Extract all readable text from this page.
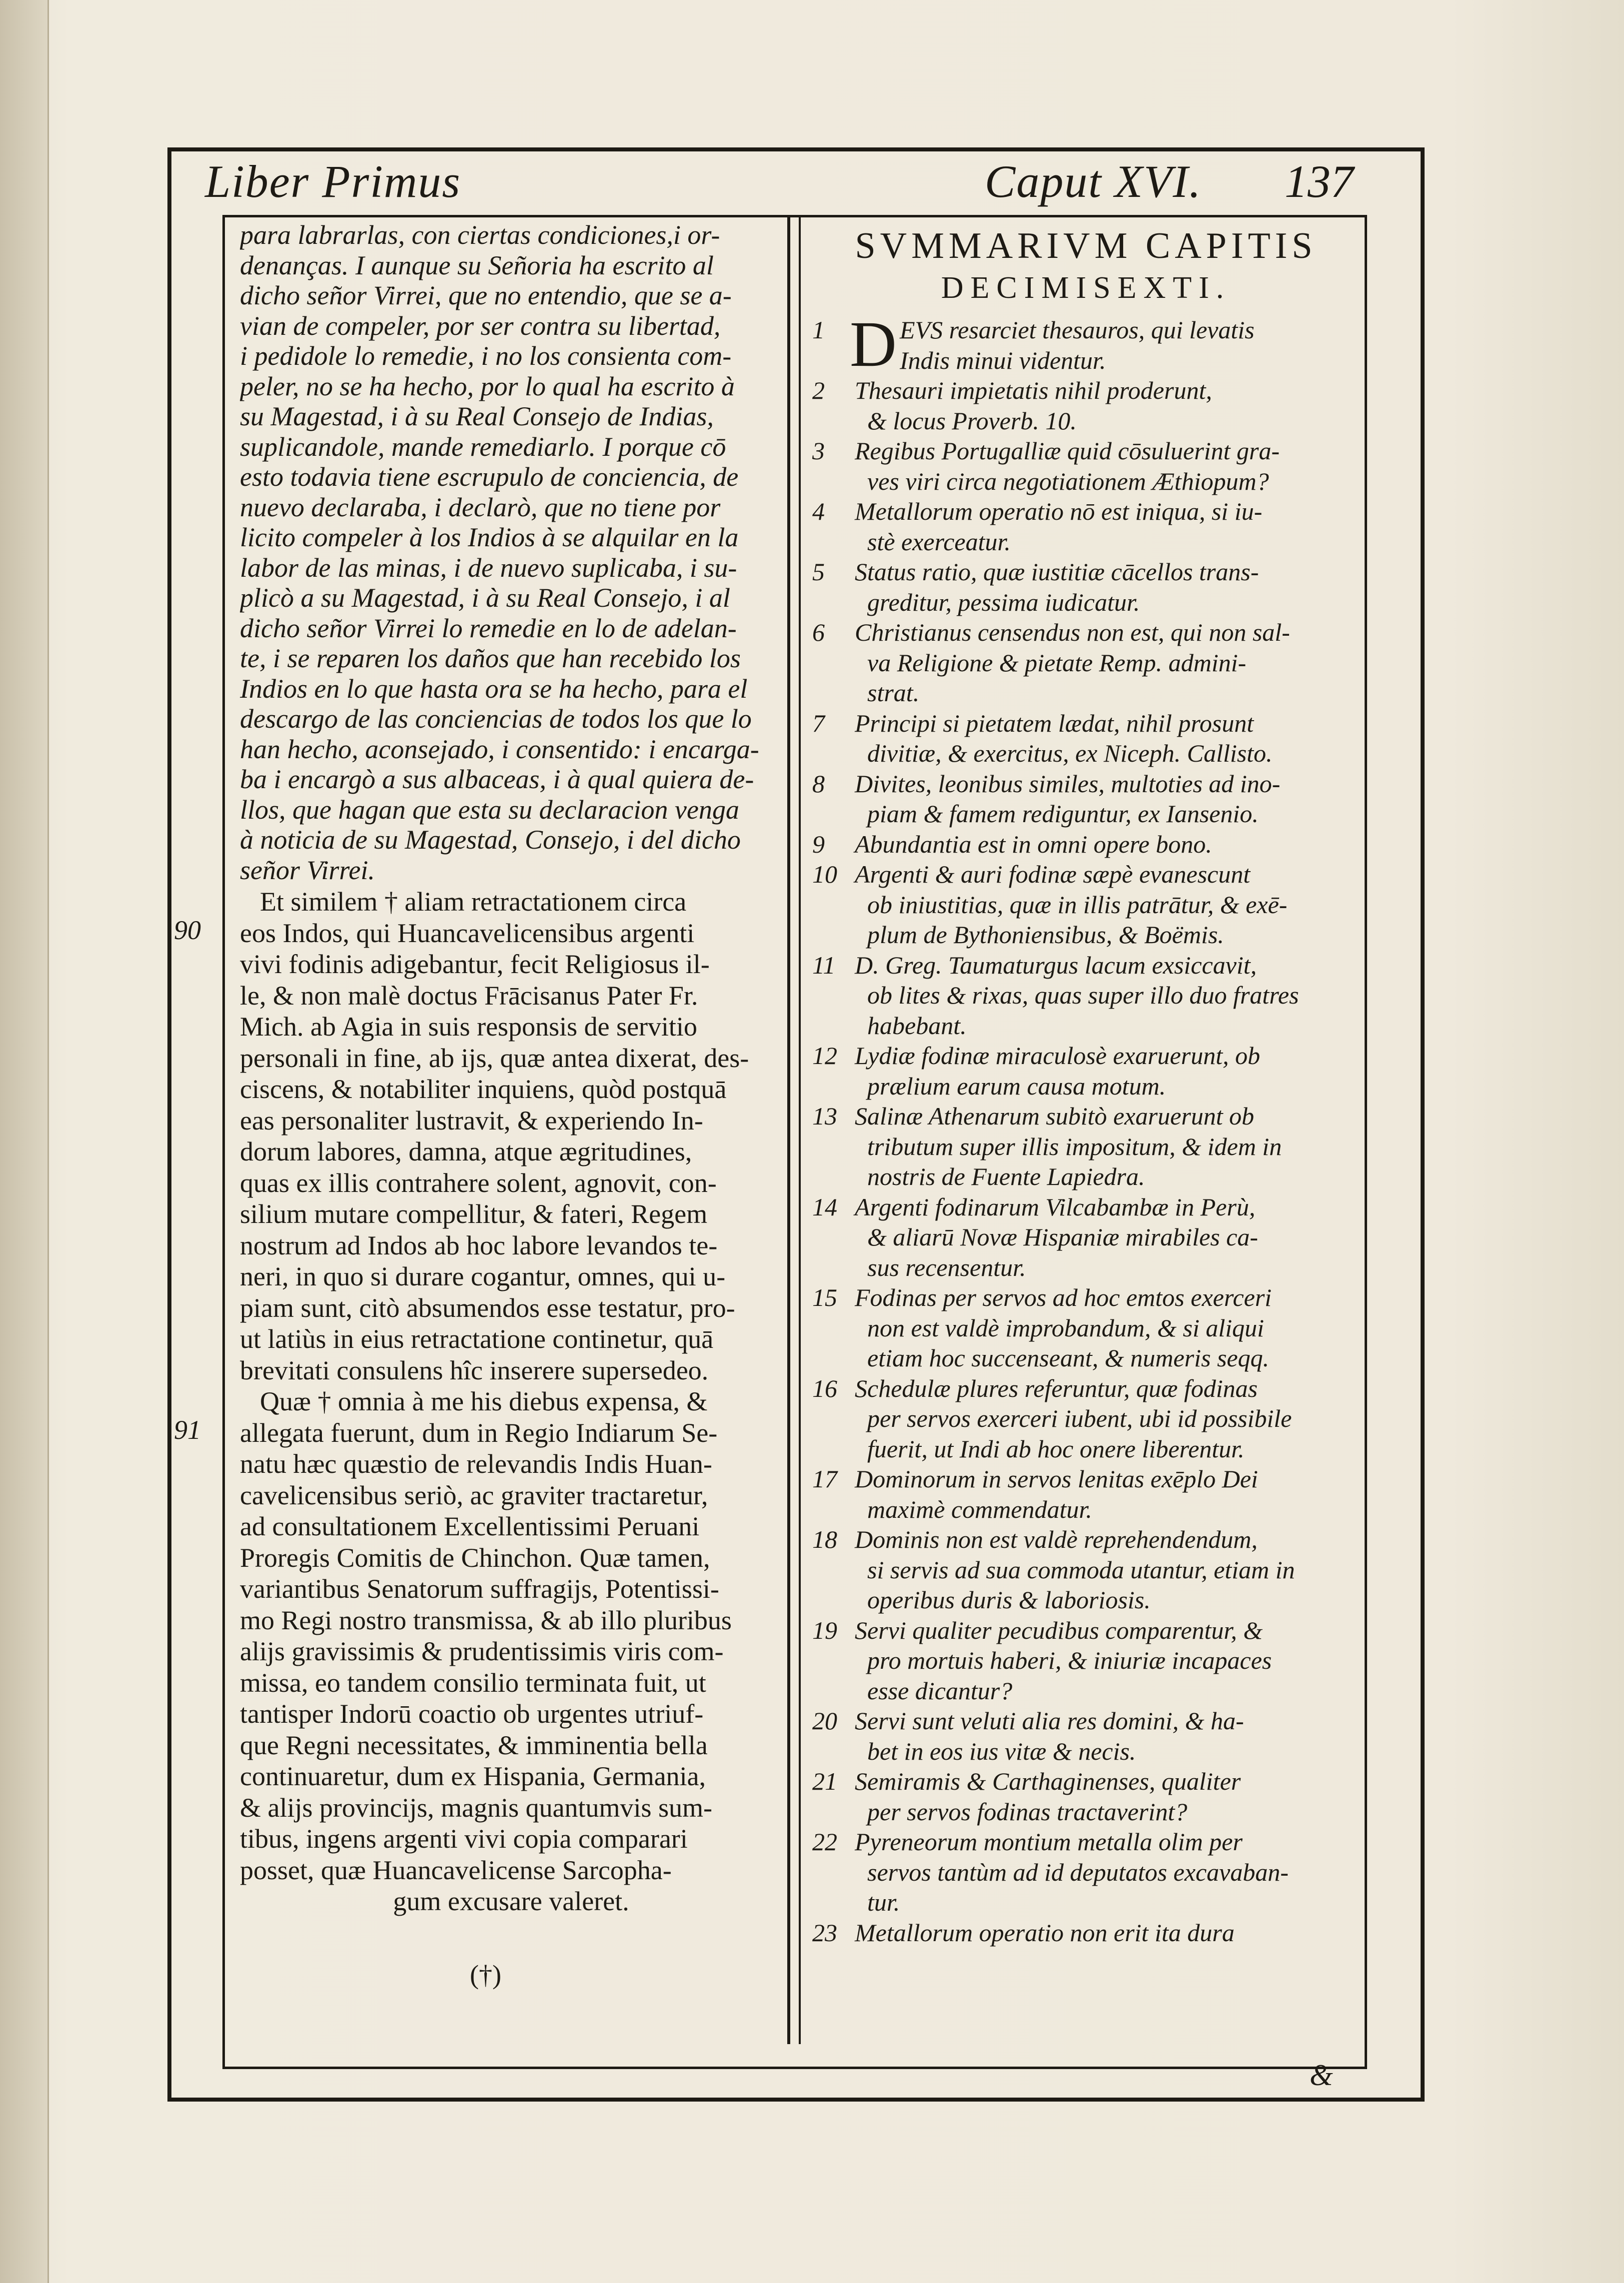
Liber Primus	Caput XVI. 137
para labrarlas, con ciertas condiciones,i or-
denanças. I aunque su Señoria ha escrito al
dicho señor Virrei, que no entendio, que se a-
vian de compeler, por ser contra su libertad,
i pedidole lo remedie, i no los consienta com-
peler, no se ha hecho, por lo qual ha escrito à
su Magestad, i à su Real Consejo de Indias,
suplicandole, mande remediarlo. I porque cō
esto todavia tiene escrupulo de conciencia, de
nuevo declaraba, i declarò, que no tiene por
licito compeler à los Indios à se alquilar en la
labor de las minas, i de nuevo suplicaba, i su-
plicò a su Magestad, i à su Real Consejo, i al
dicho señor Virrei lo remedie en lo de adelan-
te, i se reparen los daños que han recebido los
Indios en lo que hasta ora se ha hecho, para el
descargo de las conciencias de todos los que lo
han hecho, aconsejado, i consentido: i encarga-
ba i encargò a sus albaceas, i à qual quiera de-
llos, que hagan que esta su declaracion venga
à noticia de su Magestad, Consejo, i del dicho
señor Virrei.
Et similem † aliam retractationem circa
eos Indos, qui Huancavelicensibus argenti
vivi fodinis adigebantur, fecit Religiosus il-
le, & non malè doctus Frācisanus Pater Fr.
Mich. ab Agia in suis responsis de servitio
personali in fine, ab ijs, quæ antea dixerat, des-
ciscens, & notabiliter inquiens, quòd postquā
eas personaliter lustravit, & experiendo In-
dorum labores, damna, atque ægritudines,
quas ex illis contrahere solent, agnovit, con-
silium mutare compellitur, & fateri, Regem
nostrum ad Indos ab hoc labore levandos te-
neri, in quo si durare cogantur, omnes, qui u-
piam sunt, citò absumendos esse testatur, pro-
ut latiùs in eius retractatione continetur, quā
brevitati consulens hîc inserere supersedeo.
Quæ † omnia à me his diebus expensa, &
allegata fuerunt, dum in Regio Indiarum Se-
natu hæc quæstio de relevandis Indis Huan-
cavelicensibus seriò, ac graviter tractaretur,
ad consultationem Excellentissimi Peruani
Proregis Comitis de Chinchon. Quæ tamen,
variantibus Senatorum suffragijs, Potentissi-
mo Regi nostro transmissa, & ab illo pluribus
alijs gravissimis & prudentissimis viris com-
missa, eo tandem consilio terminata fuit, ut
tantisper Indorū coactio ob urgentes utriuf-
que Regni necessitates, & imminentia bella
continuaretur, dum ex Hispania, Germania,
& alijs provincijs, magnis quantumvis sum-
tibus, ingens argenti vivi copia comparari
posset, quæ Huancavelicense Sarcopha-
gum excusare valeret.
90
91
(†)
SVMMARIVM CAPITIS
DECIMISEXTI.
1 D EVS resarciet thesauros, qui levatis
Indis minui videntur.
2	Thesauri impietatis nihil proderunt,
& locus Proverb. 10.
3	Regibus Portugalliæ quid cōsuluerint gra-
ves viri circa negotiationem Æthiopum?
4	Metallorum operatio nō est iniqua, si iu-
stè exerceatur.
5	Status ratio, quæ iustitiæ cācellos trans-
greditur, pessima iudicatur.
6	Christianus censendus non est, qui non sal-
va Religione & pietate Remp. admini-
strat.
7	Principi si pietatem lædat, nihil prosunt
divitiæ, & exercitus, ex Niceph. Callisto.
8	Divites, leonibus similes, multoties ad ino-
piam & famem rediguntur, ex Iansenio.
9	Abundantia est in omni opere bono.
10 Argenti & auri fodinæ sæpè evanescunt
ob iniustitias, quæ in illis patrātur, & exē-
plum de Bythoniensibus, & Boëmis.
11 D. Greg. Taumaturgus lacum exsiccavit,
ob lites & rixas, quas super illo duo fratres
habebant.
12 Lydiæ fodinæ miraculosè exaruerunt, ob
prælium earum causa motum.
13 Salinæ Athenarum subitò exaruerunt ob
tributum super illis impositum, & idem in
nostris de Fuente Lapiedra.
14 Argenti fodinarum Vilcabambæ in Perù,
& aliarū Novæ Hispaniæ mirabiles ca-
sus recensentur.
15 Fodinas per servos ad hoc emtos exerceri
non est valdè improbandum, & si aliqui
etiam hoc succenseant, & numeris seqq.
16 Schedulæ plures referuntur, quæ fodinas
per servos exerceri iubent, ubi id possibile
fuerit, ut Indi ab hoc onere liberentur.
17 Dominorum in servos lenitas exēplo Dei
maximè commendatur.
18 Dominis non est valdè reprehendendum,
si servis ad sua commoda utantur, etiam in
operibus duris & laboriosis.
19 Servi qualiter pecudibus comparentur, &
pro mortuis haberi, & iniuriæ incapaces
esse dicantur?
20 Servi sunt veluti alia res domini, & ha-
bet in eos ius vitæ & necis.
21 Semiramis & Carthaginenses, qualiter
per servos fodinas tractaverint?
22 Pyreneorum montium metalla olim per
servos tantùm ad id deputatos excavaban-
tur.
23 Metallorum operatio non erit ita dura
&
